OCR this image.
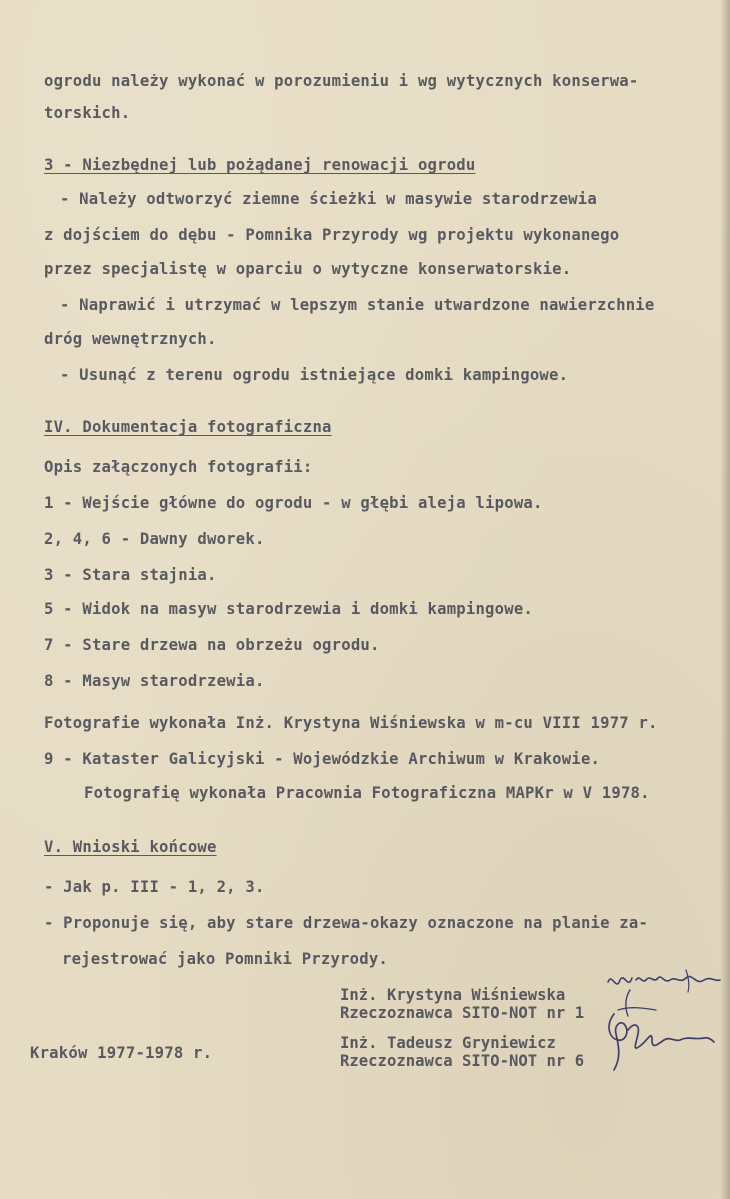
ogrodu należy wykonać w porozumieniu i wg wytycznych konserwa-
torskich.
3 - Niezbędnej lub pożądanej renowacji ogrodu
- Należy odtworzyć ziemne ścieżki w masywie starodrzewia
z dojściem do dębu - Pomnika Przyrody wg projektu wykonanego
przez specjalistę w oparciu o wytyczne konserwatorskie.
- Naprawić i utrzymać w lepszym stanie utwardzone nawierzchnie
dróg wewnętrznych.
- Usunąć z terenu ogrodu istniejące domki kampingowe.
IV. Dokumentacja fotograficzna
Opis załączonych fotografii:
1 - Wejście główne do ogrodu - w głębi aleja lipowa.
2, 4, 6 - Dawny dworek.
3 - Stara stajnia.
5 - Widok na masyw starodrzewia i domki kampingowe.
7 - Stare drzewa na obrzeżu ogrodu.
8 - Masyw starodrzewia.
Fotografie wykonała Inż. Krystyna Wiśniewska w m-cu VIII 1977 r.
9 - Kataster Galicyjski - Wojewódzkie Archiwum w Krakowie.
Fotografię wykonała Pracownia Fotograficzna MAPKr w V 1978.
V. Wnioski końcowe
- Jak p. III - 1, 2, 3.
- Proponuje się, aby stare drzewa-okazy oznaczone na planie za-
rejestrować jako Pomniki Przyrody.
Inż. Krystyna Wiśniewska
Rzeczoznawca SITO-NOT nr 1
Inż. Tadeusz Gryniewicz
Rzeczoznawca SITO-NOT nr 6
Kraków 1977-1978 r.
